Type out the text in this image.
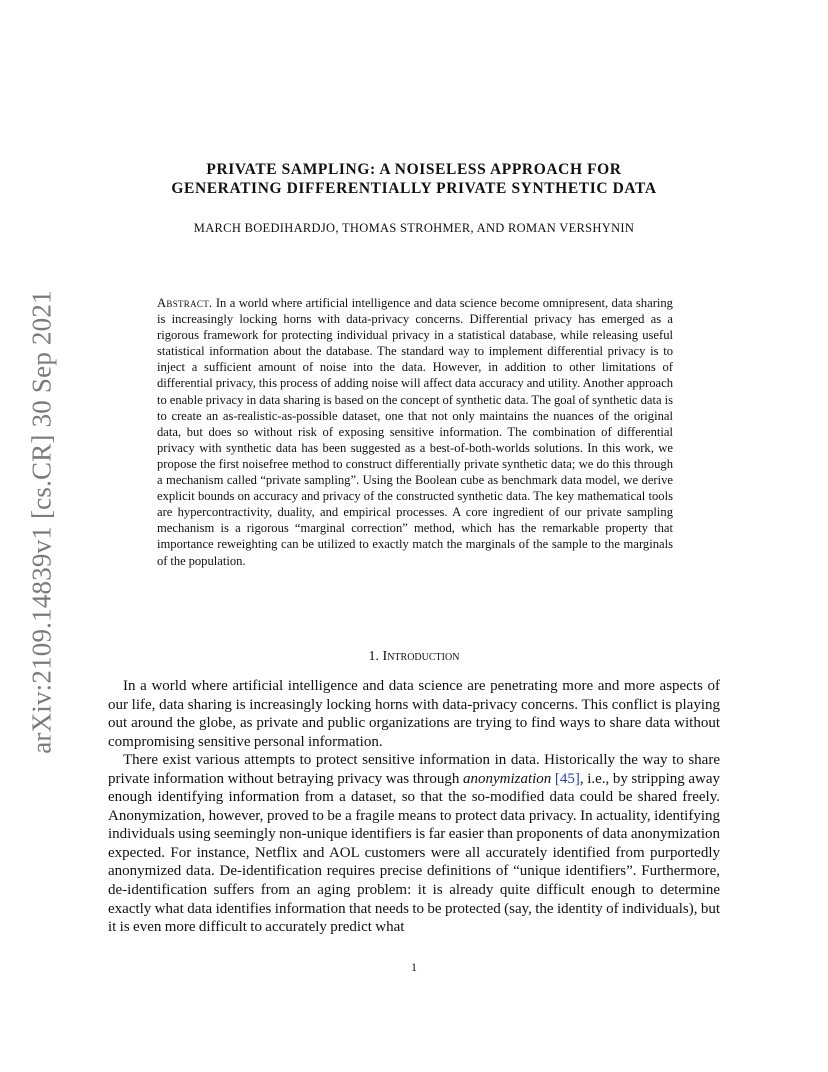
arXiv:2109.14839v1 [cs.CR] 30 Sep 2021
PRIVATE SAMPLING: A NOISELESS APPROACH FOR
GENERATING DIFFERENTIALLY PRIVATE SYNTHETIC DATA
MARCH BOEDIHARDJO, THOMAS STROHMER, AND ROMAN VERSHYNIN
Abstract. In a world where artificial intelligence and data science become omnipresent, data sharing is increasingly locking horns with data-privacy concerns. Differential privacy has emerged as a rigorous framework for protecting individual privacy in a statistical database, while releasing useful statistical information about the database. The standard way to implement differential privacy is to inject a sufficient amount of noise into the data. However, in addition to other limitations of differential privacy, this process of adding noise will affect data accuracy and utility. Another approach to enable privacy in data sharing is based on the concept of synthetic data. The goal of synthetic data is to create an as-realistic-as-possible dataset, one that not only maintains the nuances of the original data, but does so without risk of exposing sensitive information. The combination of differential privacy with synthetic data has been suggested as a best-of-both-worlds solutions. In this work, we propose the first noisefree method to construct differentially private synthetic data; we do this through a mechanism called “private sampling”. Using the Boolean cube as benchmark data model, we derive explicit bounds on accuracy and privacy of the constructed synthetic data. The key mathematical tools are hypercontractivity, duality, and empirical processes. A core ingredient of our private sampling mechanism is a rigorous “marginal correction” method, which has the remarkable property that importance reweighting can be utilized to exactly match the marginals of the sample to the marginals of the population.
1. Introduction

In a world where artificial intelligence and data science are penetrating more and more aspects of our life, data sharing is increasingly locking horns with data-privacy concerns. This conflict is playing out around the globe, as private and public organizations are trying to find ways to share data without compromising sensitive personal information.

There exist various attempts to protect sensitive information in data. Historically the way to share private information without betraying privacy was through anonymization [45], i.e., by stripping away enough identifying information from a dataset, so that the so-modified data could be shared freely. Anonymization, however, proved to be a fragile means to protect data privacy. In actuality, identifying individuals using seemingly non-unique identifiers is far easier than proponents of data anonymization expected. For instance, Netflix and AOL customers were all accurately identified from purportedly anonymized data. De-identification requires precise definitions of “unique identifiers”. Furthermore, de-identification suffers from an aging problem: it is already quite difficult enough to determine exactly what data identifies information that needs to be protected (say, the identity of individuals), but it is even more difficult to accurately predict what

1
